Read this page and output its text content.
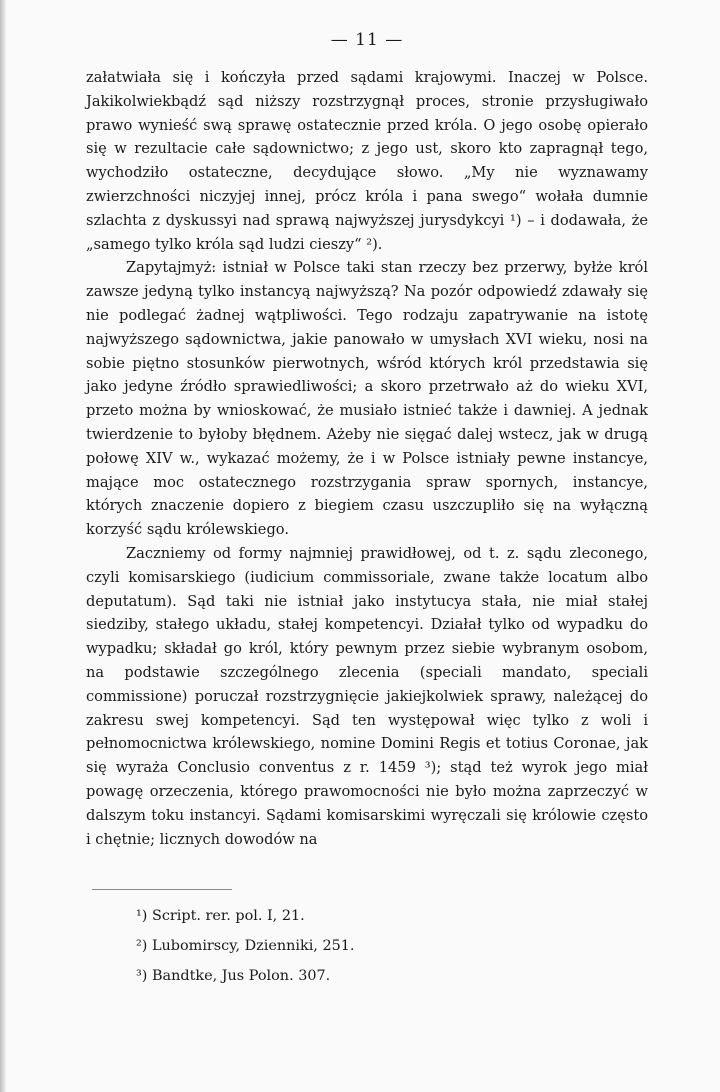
— 11 —

załatwiała się i kończyła przed sądami krajowymi. Inaczej w Polsce. Jakikolwiekbądź sąd niższy rozstrzygnął proces, stronie przysługiwało prawo wynieść swą sprawę ostatecznie przed króla. O jego osobę opierało się w rezultacie całe sądownictwo; z jego ust, skoro kto zapragnął tego, wychodziło ostateczne, decydujące słowo. „My nie wyznawamy zwierzchności niczyjej innej, prócz króla i pana swego“ wołała dumnie szlachta z dyskussyi nad sprawą najwyższej jurysdykcyi ¹) – i dodawała, że „samego tylko króla sąd ludzi cieszy“ ²).

Zapytajmyż: istniał w Polsce taki stan rzeczy bez przerwy, byłże król zawsze jedyną tylko instancyą najwyższą? Na pozór odpowiedź zdawały się nie podlegać żadnej wątpliwości. Tego rodzaju zapatrywanie na istotę najwyższego sądownictwa, jakie panowało w umysłach XVI wieku, nosi na sobie piętno stosunków pierwotnych, wśród których król przedstawia się jako jedyne źródło sprawiedliwości; a skoro przetrwało aż do wieku XVI, przeto można by wnioskować, że musiało istnieć także i dawniej. A jednak twierdzenie to byłoby błędnem. Ażeby nie sięgać dalej wstecz, jak w drugą połowę XIV w., wykazać możemy, że i w Polsce istniały pewne instancye, mające moc ostatecznego rozstrzygania spraw spornych, instancye, których znaczenie dopiero z biegiem czasu uszczupliło się na wyłączną korzyść sądu królewskiego.

Zaczniemy od formy najmniej prawidłowej, od t. z. sądu zleconego, czyli komisarskiego (iudicium commissoriale, zwane także locatum albo deputatum). Sąd taki nie istniał jako instytucya stała, nie miał stałej siedziby, stałego układu, stałej kompetencyi. Działał tylko od wypadku do wypadku; składał go król, który pewnym przez siebie wybranym osobom, na podstawie szczególnego zlecenia (speciali mandato, speciali commissione) poruczał rozstrzygnięcie jakiejkolwiek sprawy, należącej do zakresu swej kompetencyi. Sąd ten występował więc tylko z woli i pełnomocnictwa królewskiego, nomine Domini Regis et totius Coronae, jak się wyraża Conclusio conventus z r. 1459 ³); stąd też wyrok jego miał powagę orzeczenia, którego prawomocności nie było można zaprzeczyć w dalszym toku instancyi. Sądami komisarskimi wyręczali się królowie często i chętnie; licznych dowodów na

¹) Script. rer. pol. I, 21.
²) Lubomirscy, Dzienniki, 251.
³) Bandtke, Jus Polon. 307.
